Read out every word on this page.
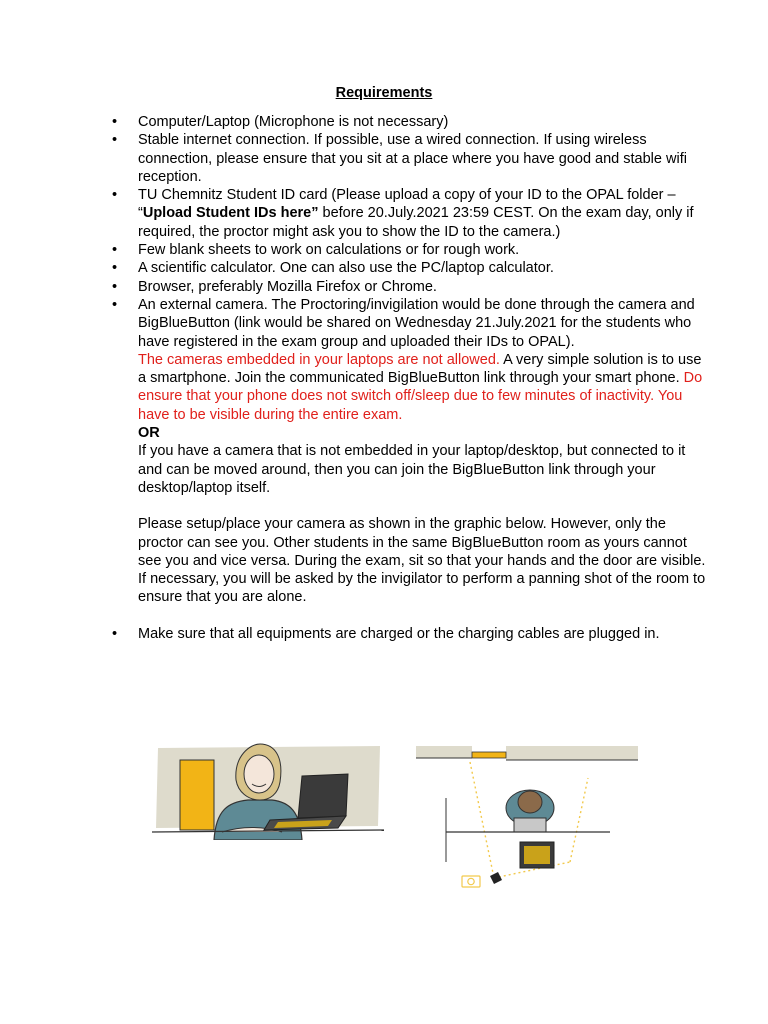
Requirements
• Computer/Laptop (Microphone is not necessary)
• Stable internet connection. If possible, use a wired connection. If using wireless connection, please ensure that you sit at a place where you have good and stable wifi reception.
• TU Chemnitz Student ID card (Please upload a copy of your ID to the OPAL folder – “Upload Student IDs here” before 20.July.2021 23:59 CEST. On the exam day, only if required, the proctor might ask you to show the ID to the camera.)
• Few blank sheets to work on calculations or for rough work.
• A scientific calculator. One can also use the PC/laptop calculator.
• Browser, preferably Mozilla Firefox or Chrome.
• An external camera. The Proctoring/invigilation would be done through the camera and BigBlueButton (link would be shared on Wednesday 21.July.2021 for the students who have registered in the exam group and uploaded their IDs to OPAL).
The cameras embedded in your laptops are not allowed. A very simple solution is to use a smartphone. Join the communicated BigBlueButton link through your smart phone. Do ensure that your phone does not switch off/sleep due to few minutes of inactivity. You have to be visible during the entire exam.
OR
If you have a camera that is not embedded in your laptop/desktop, but connected to it and can be moved around, then you can join the BigBlueButton link through your desktop/laptop itself.
Please setup/place your camera as shown in the graphic below. However, only the proctor can see you. Other students in the same BigBlueButton room as yours cannot see you and vice versa. During the exam, sit so that your hands and the door are visible. If necessary, you will be asked by the invigilator to perform a panning shot of the room to ensure that you are alone.
• Make sure that all equipments are charged or the charging cables are plugged in.
